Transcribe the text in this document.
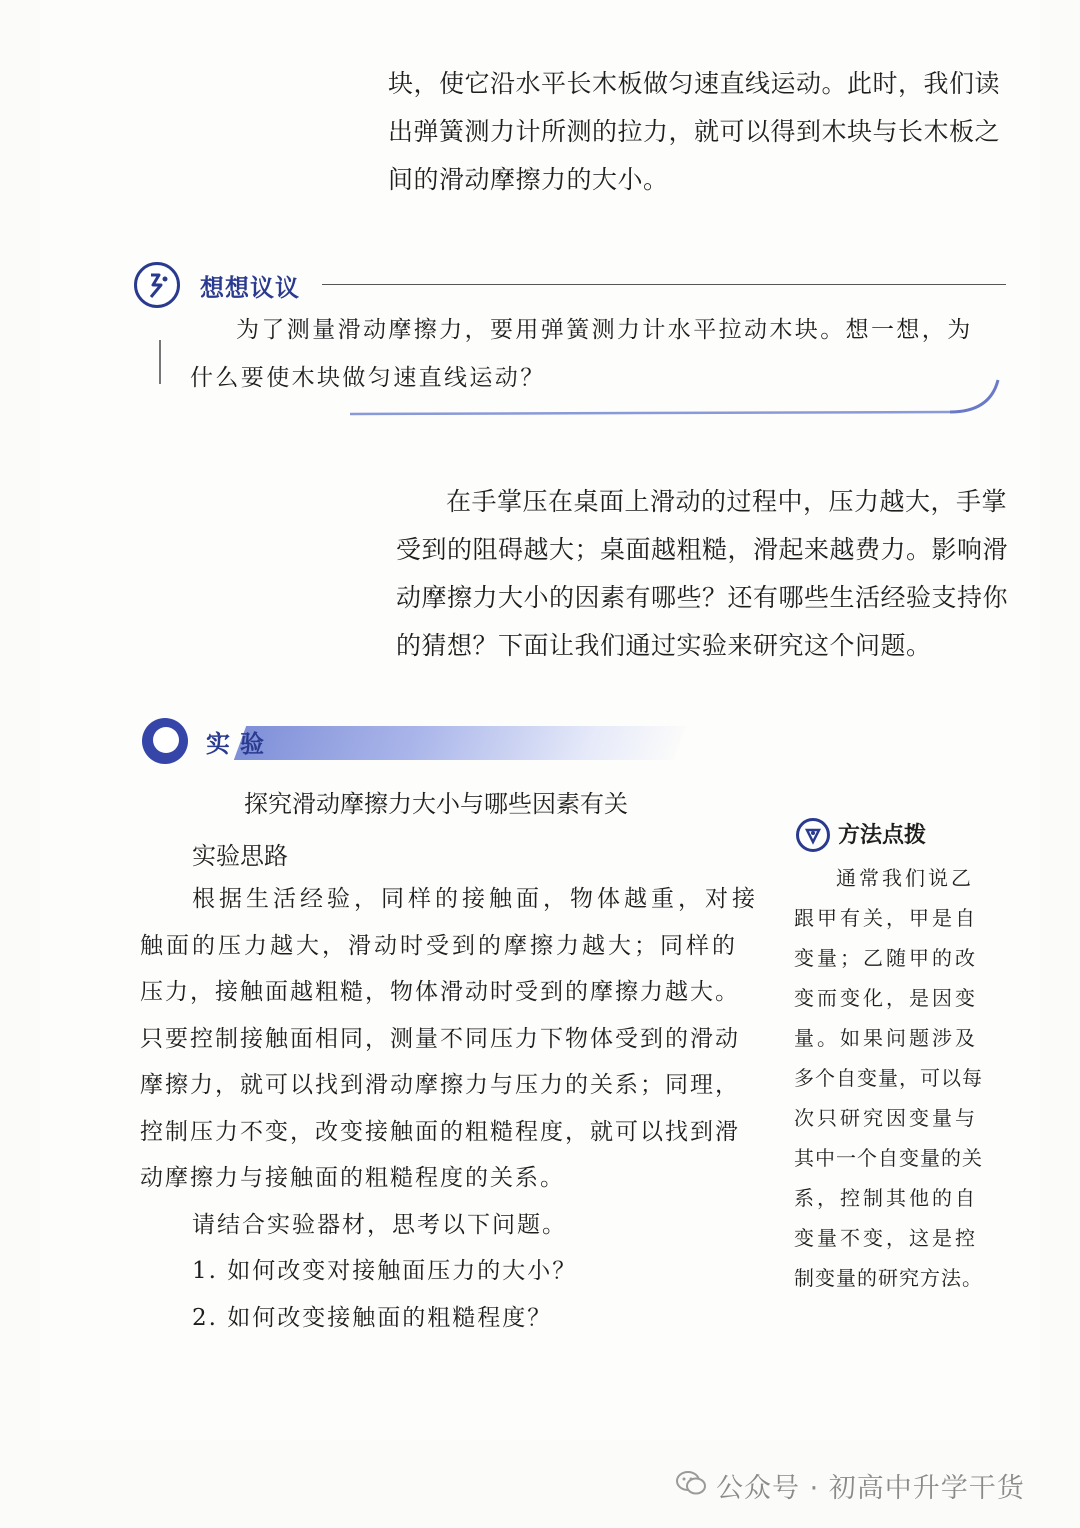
块，使它沿水平长木板做匀速直线运动。此时，我们读
出弹簧测力计所测的拉力，就可以得到木块与长木板之
间的滑动摩擦力的大小。
想想议议
为了测量滑动摩擦力，要用弹簧测力计水平拉动木块。想一想，为
什么要使木块做匀速直线运动？
在手掌压在桌面上滑动的过程中，压力越大，手掌
受到的阻碍越大；桌面越粗糙，滑起来越费力。影响滑
动摩擦力大小的因素有哪些？还有哪些生活经验支持你
的猜想？下面让我们通过实验来研究这个问题。
实验
探究滑动摩擦力大小与哪些因素有关
实验思路
根据生活经验，同样的接触面，物体越重，对接
触面的压力越大，滑动时受到的摩擦力越大；同样的
压力，接触面越粗糙，物体滑动时受到的摩擦力越大。
只要控制接触面相同，测量不同压力下物体受到的滑动
摩擦力，就可以找到滑动摩擦力与压力的关系；同理，
控制压力不变，改变接触面的粗糙程度，就可以找到滑
动摩擦力与接触面的粗糙程度的关系。
请结合实验器材，思考以下问题。
1. 如何改变对接触面压力的大小？
2. 如何改变接触面的粗糙程度？
方法点拨
通常我们说乙
跟甲有关，甲是自
变量；乙随甲的改
变而变化，是因变
量。如果问题涉及
多个自变量，可以每
次只研究因变量与
其中一个自变量的关
系，控制其他的自
变量不变，这是控
制变量的研究方法。
公众号 · 初高中升学干货
